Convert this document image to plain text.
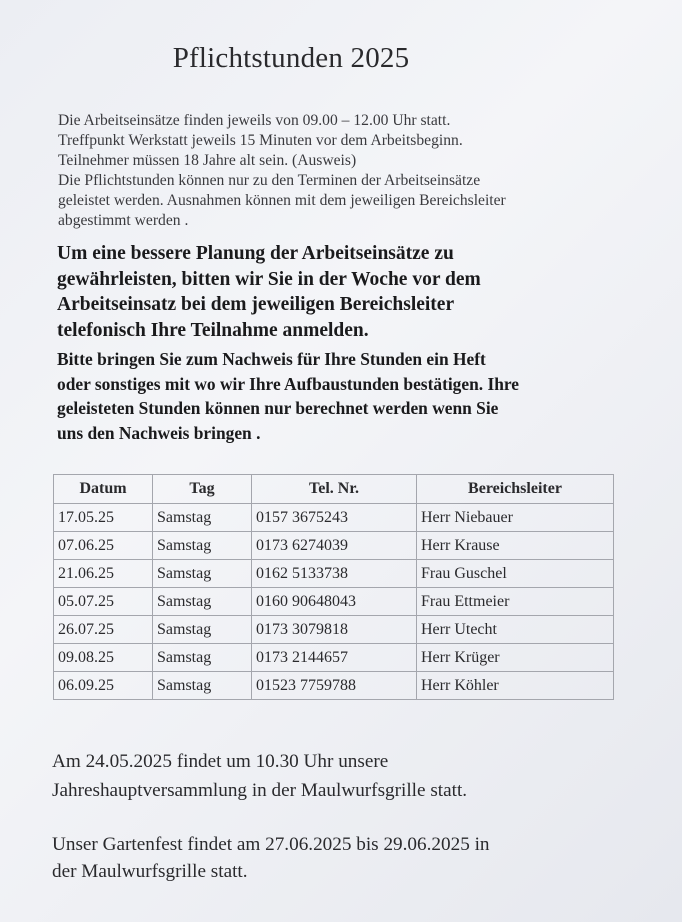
Pflichtstunden 2025
Die Arbeitseinsätze finden jeweils von 09.00 – 12.00 Uhr statt.
Treffpunkt Werkstatt jeweils 15 Minuten vor dem Arbeitsbeginn.
Teilnehmer müssen 18 Jahre alt sein. (Ausweis)
Die Pflichtstunden können nur zu den Terminen der Arbeitseinsätze
geleistet werden. Ausnahmen können mit dem jeweiligen Bereichsleiter
abgestimmt werden .
Um eine bessere Planung der Arbeitseinsätze zu
gewährleisten, bitten wir Sie in der Woche vor dem
Arbeitseinsatz bei dem jeweiligen Bereichsleiter
telefonisch Ihre Teilnahme anmelden.
Bitte bringen Sie zum Nachweis für Ihre Stunden ein Heft
oder sonstiges mit wo wir Ihre Aufbaustunden bestätigen. Ihre
geleisteten Stunden können nur berechnet werden wenn Sie
uns den Nachweis bringen .
Datum	Tag	Tel. Nr.	Bereichsleiter
17.05.25	Samstag	0157 3675243	Herr Niebauer
07.06.25	Samstag	0173 6274039	Herr Krause
21.06.25	Samstag	0162 5133738	Frau Guschel
05.07.25	Samstag	0160 90648043	Frau Ettmeier
26.07.25	Samstag	0173 3079818	Herr Utecht
09.08.25	Samstag	0173 2144657	Herr Krüger
06.09.25	Samstag	01523 7759788	Herr Köhler
Am 24.05.2025 findet um 10.30 Uhr unsere
Jahreshauptversammlung in der Maulwurfsgrille statt.
Unser Gartenfest findet am 27.06.2025 bis 29.06.2025 in
der Maulwurfsgrille statt.
